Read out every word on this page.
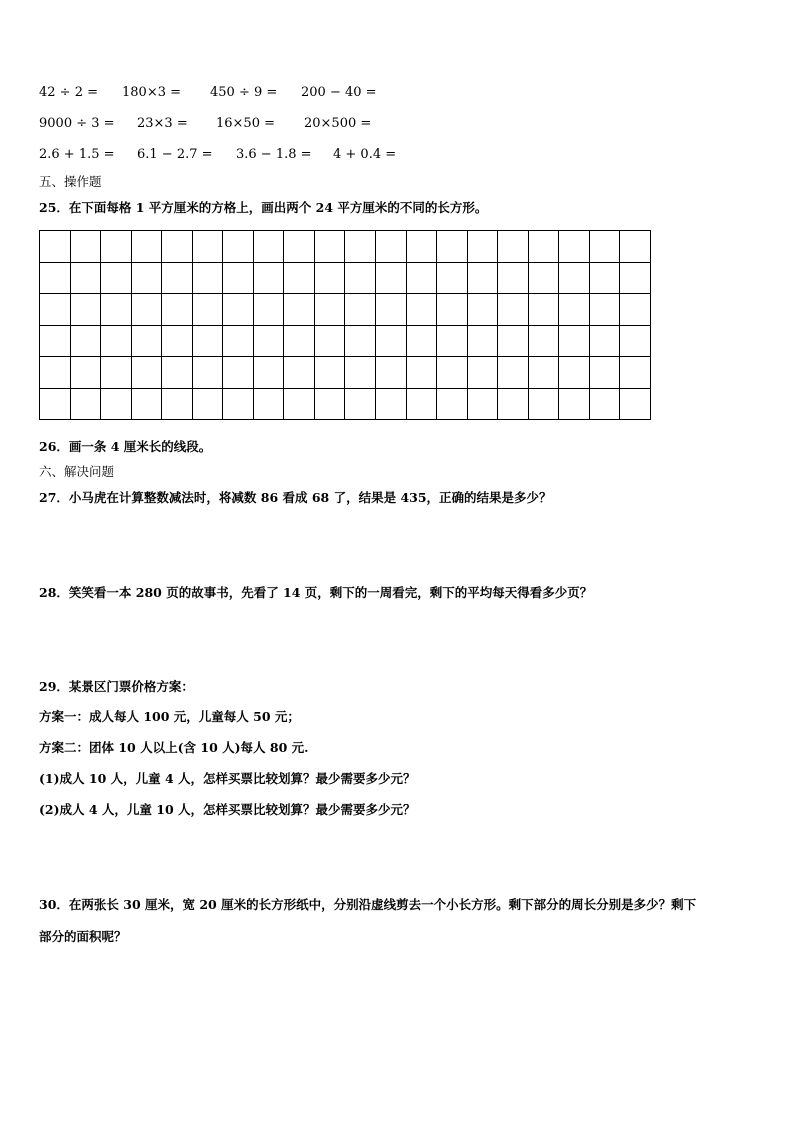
42 ÷ 2 = 180×3 = 450 ÷ 9 = 200 − 40 =
9000 ÷ 3 = 23×3 = 16×50 = 20×500 =
2.6 + 1.5 = 6.1 − 2.7 = 3.6 − 1.8 = 4 + 0.4 =
五、操作题
25．在下面每格 1 平方厘米的方格上，画出两个 24 平方厘米的不同的长方形。
26．画一条 4 厘米长的线段。
六、解决问题
27．小马虎在计算整数减法时，将减数 86 看成 68 了，结果是 435，正确的结果是多少？
28．笑笑看一本 280 页的故事书，先看了 14 页，剩下的一周看完，剩下的平均每天得看多少页？
29．某景区门票价格方案：
方案一：成人每人 100 元，儿童每人 50 元；
方案二：团体 10 人以上(含 10 人)每人 80 元.
(1)成人 10 人，儿童 4 人，怎样买票比较划算？最少需要多少元？
(2)成人 4 人，儿童 10 人，怎样买票比较划算？最少需要多少元？
30．在两张长 30 厘米，宽 20 厘米的长方形纸中，分别沿虚线剪去一个小长方形。剩下部分的周长分别是多少？剩下
部分的面积呢？
